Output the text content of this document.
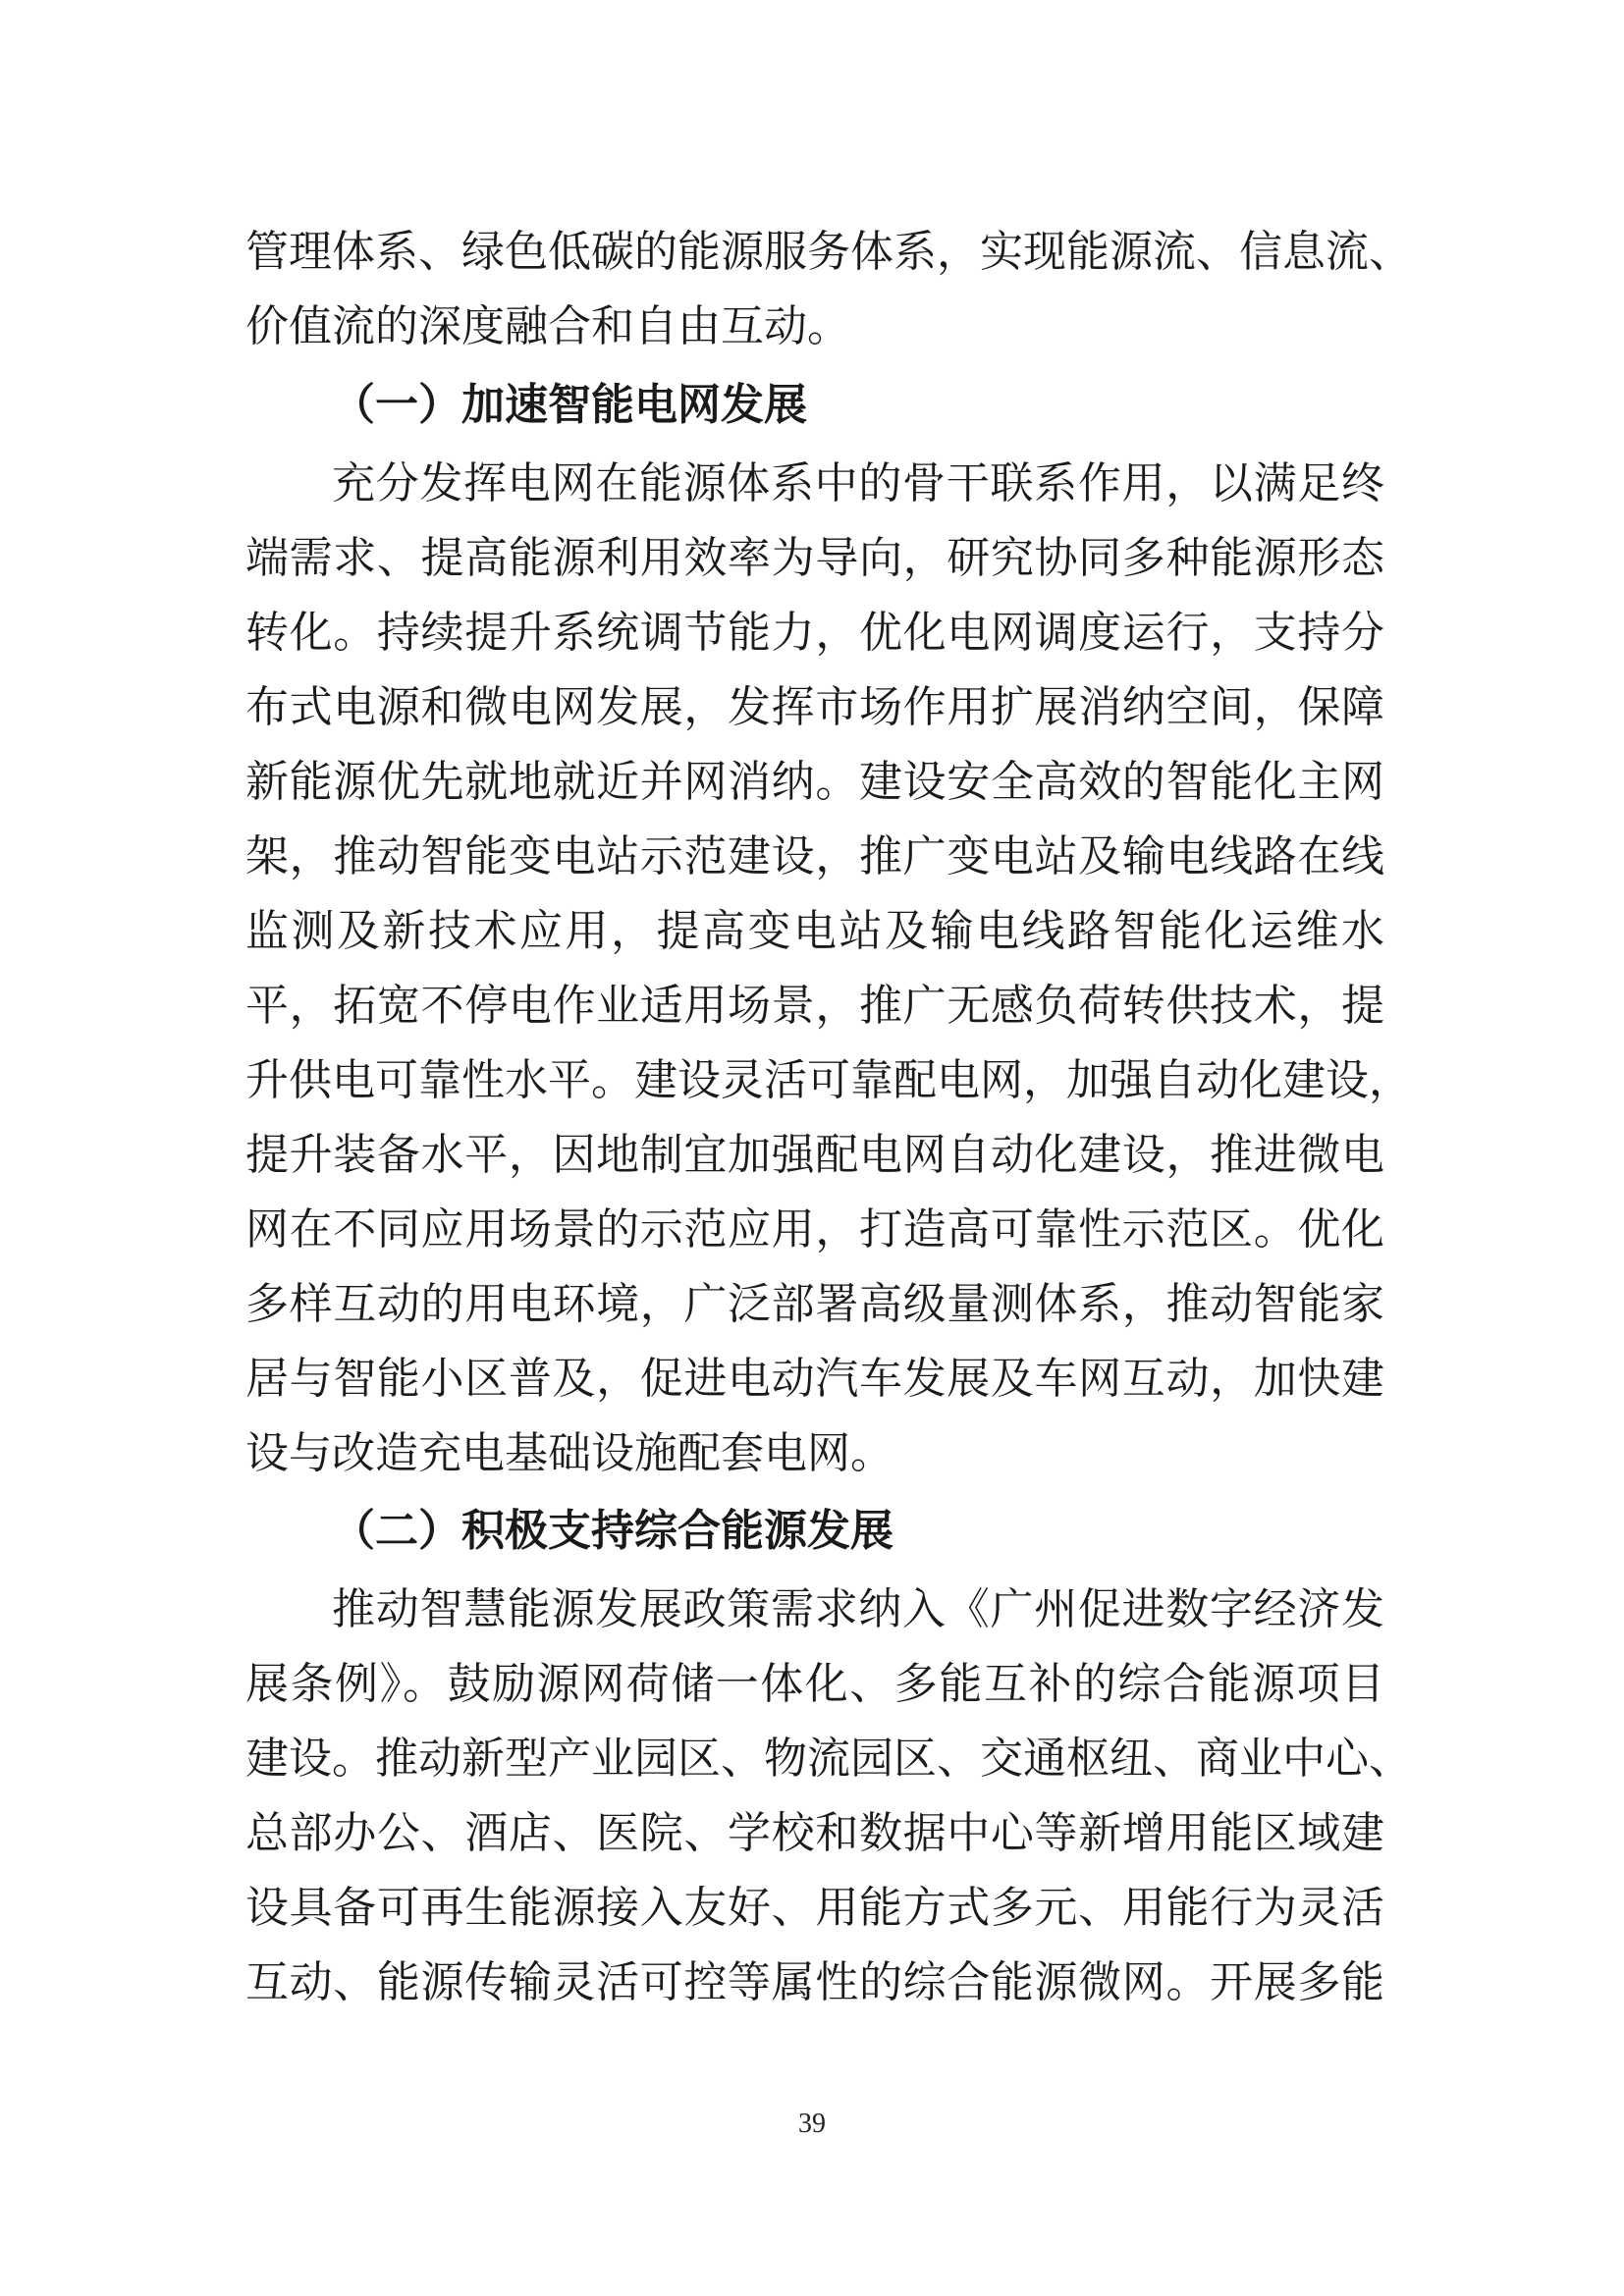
管理体系、绿色低碳的能源服务体系，实现能源流、信息流、
价值流的深度融合和自由互动。
（一）加速智能电网发展
充分发挥电网在能源体系中的骨干联系作用，以满足终
端需求、提高能源利用效率为导向，研究协同多种能源形态
转化。持续提升系统调节能力，优化电网调度运行，支持分
布式电源和微电网发展，发挥市场作用扩展消纳空间，保障
新能源优先就地就近并网消纳。建设安全高效的智能化主网
架，推动智能变电站示范建设，推广变电站及输电线路在线
监测及新技术应用，提高变电站及输电线路智能化运维水
平，拓宽不停电作业适用场景，推广无感负荷转供技术，提
升供电可靠性水平。建设灵活可靠配电网，加强自动化建设，
提升装备水平，因地制宜加强配电网自动化建设，推进微电
网在不同应用场景的示范应用，打造高可靠性示范区。优化
多样互动的用电环境，广泛部署高级量测体系，推动智能家
居与智能小区普及，促进电动汽车发展及车网互动，加快建
设与改造充电基础设施配套电网。
（二）积极支持综合能源发展
推动智慧能源发展政策需求纳入《广州促进数字经济发
展条例》。鼓励源网荷储一体化、多能互补的综合能源项目
建设。推动新型产业园区、物流园区、交通枢纽、商业中心、
总部办公、酒店、医院、学校和数据中心等新增用能区域建
设具备可再生能源接入友好、用能方式多元、用能行为灵活
互动、能源传输灵活可控等属性的综合能源微网。开展多能
39
